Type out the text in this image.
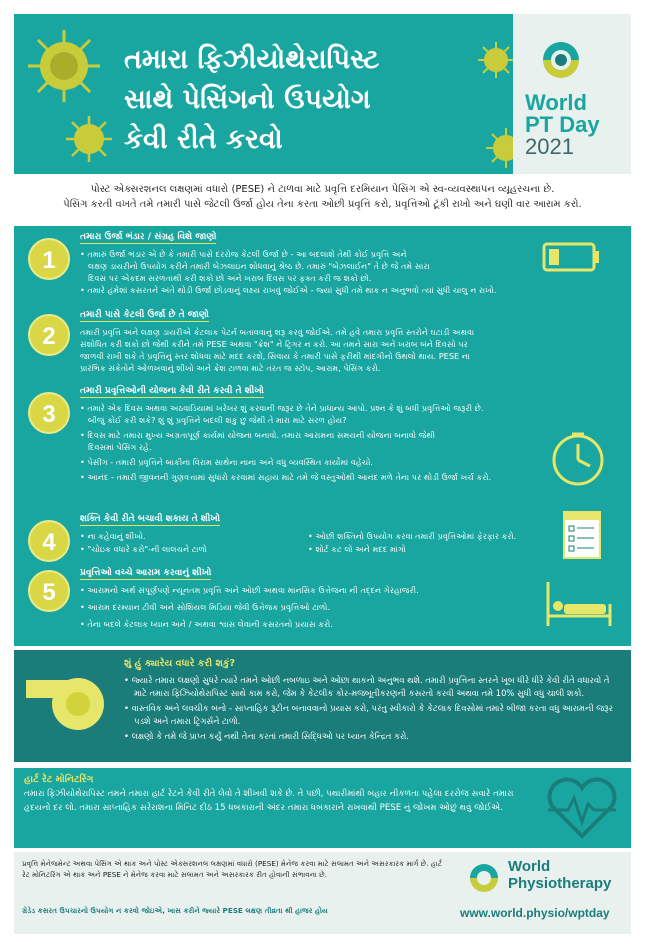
તમારા ફિઝીયોથેરાપિસ્ટ
સાથે પેસિંગનો ઉપયોગ
કેવી રીતે કરવો
World
PT Day
2021
પોસ્ટ એક્સરશનલ લક્ષણમાં વધારો (PESE) ને ટાળવા માટે પ્રવૃત્તિ દરમિયાન પેસિંગ એ સ્વ-વ્યવસ્થાપન વ્યૂહરચના છે.
પેસિંગ કરતી વખતે તમે તમારી પાસે જેટલી ઉર્જા હોય તેના કરતા ઓછી પ્રવૃત્તિ કરો, પ્રવૃત્તિઓ ટૂંકી રાખો અને ઘણી વાર આરામ કરો.
1
તમારા ઉર્જા ભંડાર / સંગ્રહ વિશે જાણો
• તમારું ઉર્જા ભંડાર એ છે કે તમારી પાસે દરરોજ કેટલી ઉર્જા છે - આ બદલાશે તેથી કોઈ પ્રવૃત્તિ અને
લક્ષણ ડાયરીનો ઉપયોગ કરીને તમારી બેઝલાઇન શોધવાનું શ્રેષ્ઠ છે. તમારું "બેઝલાઈન" તે છે જે તમે સારા
દિવસ પર એકદમ સરળતાથી કરી શકો છો અને ખરાબ દિવસ પર ફક્ત કરી જ શકો છો.
• તમારે હંમેશાં કસરતને અંતે થોડી ઉર્જા છોડવાનું લક્ષ્ય રાખવું જોઈએ - જ્યાં સુધી તમે થાક ન અનુભવો ત્યાં સુધી ચાલુ ન રાખો.
2
તમારી પાસે કેટલી ઉર્જા છે તે જાણો
તમારી પ્રવૃત્તિ અને લક્ષણ ડાયરીએ કેટલાક પેટર્ન બતાવવાનું શરૂ કરવું જોઈએ. તમે હવે તમારા પ્રવૃત્તિ સ્તરોને ઘટાડી અથવા
સંશોધિત કરી શકો છો જેથી કરીને તમે PESE અથવા "ક્રેશ" ને ટ્રિગર ન કરો. આ તમને સારા અને ખરાબ બંને દિવસો પર
જાળવી રાખી શકે તે પ્રવૃત્તિનું સ્તર શોધવા માટે મદદ કરશે, સિવાય કે તમારી પાસે ફરીથી માંદગીનો ઉથલો થાય. PESE ના
પ્રારંભિક સંકેતોને ઓળખવાનું શીખો અને ક્રેશ ટાળવા માટે તરત જ સ્ટોપ, આરામ, પેસિંગ કરો.
3
તમારી પ્રવૃત્તિઓની યોજના કેવી રીતે કરવી તે શીખો
• તમારે એક દિવસ અથવા અઠવાડિયામાં ખરેખર શું કરવાની જરૂર છે તેને પ્રાધાન્ય આપો. પ્રશ્ન કે શું બધી પ્રવૃત્તિઓ જરૂરી છે.
બીજું કોઈ કરી શકે? શું શું પ્રવૃત્તિને બદલી શકું છું જેથી તે મારા માટે સરળ હોય?
• દિવસ માટે તમારા મુખ્ય અગ્રતાપૂર્ણ કાર્યમાં યોજના બનાવો. તમારા આરામના સમયની યોજના બનાવો જેથી
દિવસમાં પેસિંગ રહે.
• પેસીંગ - તમારી પ્રવૃત્તિને બાકીના વિરામ સાથેના નાના અને વધુ વ્યવસ્થિત કાર્યોમાં વહેંચો.
• આનંદ - તમારી જીવનની ગુણવત્તામાં સુધારો કરવામાં સહાય માટે તમે જે વસ્તુઓથી આનંદ મળે તેના પર થોડી ઉર્જા ખર્ચ કરો.
4
શક્તિ કેવી રીતે બચાવી શકાય તે શીખો
• ના કહેવાનું શીખો.
• "ચોઇક વધારે કરો"-ની લાલચને ટાળો
• ઓછી શક્તિનો ઉપયોગ કરવા તમારી પ્રવૃત્તિઓમાં ફેરફાર કરો.
• શોર્ટ કટ લો અને મદદ માંગો
5
પ્રવૃત્તિઓ વચ્ચે આરામ કરવાનું શીખો
• આરામનો અર્થ સંપૂર્ણપણે ન્યૂનતમ પ્રવૃત્તિ અને ઓછી અથવા માનસિક ઉત્તેજના ની તદ્દન ગેરહાજરી.
• આરામ દરમ્યાન ટીવી અને સોશિયલ મિડિયા જેવી ઉત્તેજક પ્રવૃત્તિઓ ટાળો.
• તેના બદલે કેટલાક ધ્યાન અને / અથવા શ્વાસ લેવાની કસરતનો પ્રયાસ કરો.
શું હું ક્યારેય વધારે કરી શકું?
• જ્યારે તમારા લક્ષણો સુધરે ત્યારે તમને ઓછી નબળાઇ અને ઓછા થાકનો અનુભવ થશે. તમારી પ્રવૃત્તિના સ્તરને ખૂબ ધીરે ધીરે કેવી રીતે વધારવો તે માટે તમારા ફિઝિયોથેરાપિસ્ટ સાથે કામ કરો, જેમ કે કેટલીક કોર-મજબૂતીકરણની કસરતો કરવી અથવા તમે 10% સુધી વધુ ચાલી શકો.
• વાસ્તવિક અને લવચીક બનો - સાપ્તાહિક રૂટીન બનાવવાનો પ્રયાસ કરો, પરંતુ સ્વીકારો કે કેટલાક દિવસોમાં તમારે બીજા કરતા વધુ આરામની જરૂર પડશે અને તમારા ટ્રિગર્સને ટાળો.
• લક્ષણો કે તમે જે પ્રાપ્ત કર્યું નથી તેના કરતાં તમારી સિદ્ધિઓ પર ધ્યાન કેન્દ્રિત કરો.
હાર્ટ રેટ મોનિટરિંગ
તમારા ફિઝીયોથેરાપિસ્ટ તમને તમારા હાર્ટ રેટને કેવી રીતે લેવો તે શીખવી શકે છે. તે પછી, પથારીમાંથી બહાર નીકળતા પહેલા દરરોજ સવારે તમારા હૃદયનો દર લો. તમારા સાપ્તાહિક સરેરાશના મિનિટ દીઠ 15 ધબકારાની અંદર તમારા ધબકારાને રાખવાથી PESE નું જોખમ ઓછું થવું જોઈએ.
પ્રવૃત્તિ મેનેજમેન્ટ અથવા પેસિંગ એ થાક અને પોસ્ટ એક્સરશનલ લક્ષણમાં વધારો (PESE) મેનેજ કરવા માટે સલામત અને અસરકારક માર્ગ છે. હાર્ટ રેટ મોનિટરિંગ એ થાક અને PESE ને મેનેજ કરવા માટે સલામત અને અસરકારક રીત હોવાની સંભાવના છે.
ગ્રેડેડ કસરત ઉપચારનો ઉપયોગ ન કરવો જોઇએ, ખાસ કરીને જ્યારે PESE લક્ષણ તીવ્રતા થી હાજર હોય
World
Physiotherapy
www.world.physio/wptday
